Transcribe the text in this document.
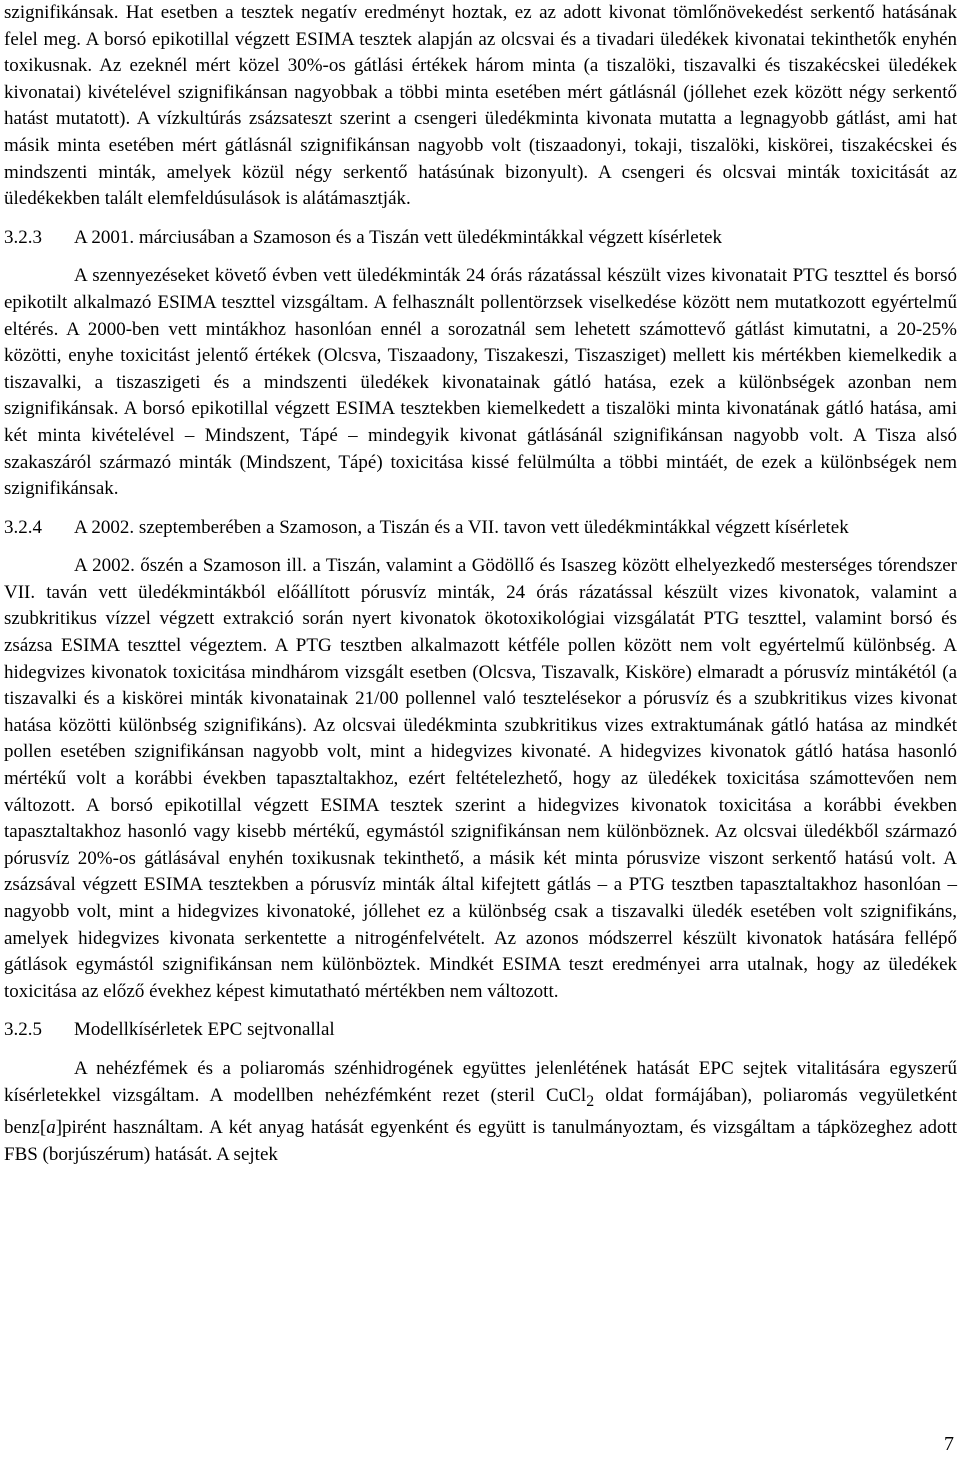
szignifikánsak. Hat esetben a tesztek negatív eredményt hoztak, ez az adott kivonat tömlőnövekedést serkentő hatásának felel meg. A borsó epikotillal végzett ESIMA tesztek alapján az olcsvai és a tivadari üledékek kivonatai tekinthetők enyhén toxikusnak. Az ezeknél mért közel 30%-os gátlási értékek három minta (a tiszalöki, tiszavalki és tiszakécskei üledékek kivonatai) kivételével szignifikánsan nagyobbak a többi minta esetében mért gátlásnál (jóllehet ezek között négy serkentő hatást mutatott). A vízkultúrás zsázsateszt szerint a csengeri üledékminta kivonata mutatta a legnagyobb gátlást, ami hat másik minta esetében mért gátlásnál szignifikánsan nagyobb volt (tiszaadonyi, tokaji, tiszalöki, kiskörei, tiszakécskei és mindszenti minták, amelyek közül négy serkentő hatásúnak bizonyult). A csengeri és olcsvai minták toxicitását az üledékekben talált elemfeldúsulások is alátámasztják.

3.2.3	A 2001. márciusában a Szamoson és a Tiszán vett üledékmintákkal végzett kísérletek

A szennyezéseket követő évben vett üledékminták 24 órás rázatással készült vizes kivonatait PTG teszttel és borsó epikotilt alkalmazó ESIMA teszttel vizsgáltam. A felhasznált pollentörzsek viselkedése között nem mutatkozott egyértelmű eltérés. A 2000-ben vett mintákhoz hasonlóan ennél a sorozatnál sem lehetett számottevő gátlást kimutatni, a 20-25% közötti, enyhe toxicitást jelentő értékek (Olcsva, Tiszaadony, Tiszakeszi, Tiszasziget) mellett kis mértékben kiemelkedik a tiszavalki, a tiszaszigeti és a mindszenti üledékek kivonatainak gátló hatása, ezek a különbségek azonban nem szignifikánsak. A borsó epikotillal végzett ESIMA tesztekben kiemelkedett a tiszalöki minta kivonatának gátló hatása, ami két minta kivételével – Mindszent, Tápé – mindegyik kivonat gátlásánál szignifikánsan nagyobb volt. A Tisza alsó szakaszáról származó minták (Mindszent, Tápé) toxicitása kissé felülmúlta a többi mintáét, de ezek a különbségek nem szignifikánsak.

3.2.4	A 2002. szeptemberében a Szamoson, a Tiszán és a VII. tavon vett üledékmintákkal végzett kísérletek

A 2002. őszén a Szamoson ill. a Tiszán, valamint a Gödöllő és Isaszeg között elhelyezkedő mesterséges tórendszer VII. taván vett üledékmintákból előállított pórusvíz minták, 24 órás rázatással készült vizes kivonatok, valamint a szubkritikus vízzel végzett extrakció során nyert kivonatok ökotoxikológiai vizsgálatát PTG teszttel, valamint borsó és zsázsa ESIMA teszttel végeztem. A PTG tesztben alkalmazott kétféle pollen között nem volt egyértelmű különbség. A hidegvizes kivonatok toxicitása mindhárom vizsgált esetben (Olcsva, Tiszavalk, Kisköre) elmaradt a pórusvíz mintákétól (a tiszavalki és a kiskörei minták kivonatainak 21/00 pollennel való tesztelésekor a pórusvíz és a szubkritikus vizes kivonat hatása közötti különbség szignifikáns). Az olcsvai üledékminta szubkritikus vizes extraktumának gátló hatása az mindkét pollen esetében szignifikánsan nagyobb volt, mint a hidegvizes kivonaté. A hidegvizes kivonatok gátló hatása hasonló mértékű volt a korábbi években tapasztaltakhoz, ezért feltételezhető, hogy az üledékek toxicitása számottevően nem változott. A borsó epikotillal végzett ESIMA tesztek szerint a hidegvizes kivonatok toxicitása a korábbi években tapasztaltakhoz hasonló vagy kisebb mértékű, egymástól szignifikánsan nem különböznek. Az olcsvai üledékből származó pórusvíz 20%-os gátlásával enyhén toxikusnak tekinthető, a másik két minta pórusvize viszont serkentő hatású volt. A zsázsával végzett ESIMA tesztekben a pórusvíz minták által kifejtett gátlás – a PTG tesztben tapasztaltakhoz hasonlóan – nagyobb volt, mint a hidegvizes kivonatoké, jóllehet ez a különbség csak a tiszavalki üledék esetében volt szignifikáns, amelyek hidegvizes kivonata serkentette a nitrogénfelvételt. Az azonos módszerrel készült kivonatok hatására fellépő gátlások egymástól szignifikánsan nem különböztek. Mindkét ESIMA teszt eredményei arra utalnak, hogy az üledékek toxicitása az előző évekhez képest kimutatható mértékben nem változott.

3.2.5	Modellkísérletek EPC sejtvonallal

A nehézfémek és a poliaromás szénhidrogének együttes jelenlétének hatását EPC sejtek vitalitására egyszerű kísérletekkel vizsgáltam. A modellben nehézfémként rezet (steril CuCl$_2$ oldat formájában), poliaromás vegyületként benz[a]pirént használtam. A két anyag hatását egyenként és együtt is tanulmányoztam, és vizsgáltam a tápközeghez adott FBS (borjúszérum) hatását. A sejtek

7
